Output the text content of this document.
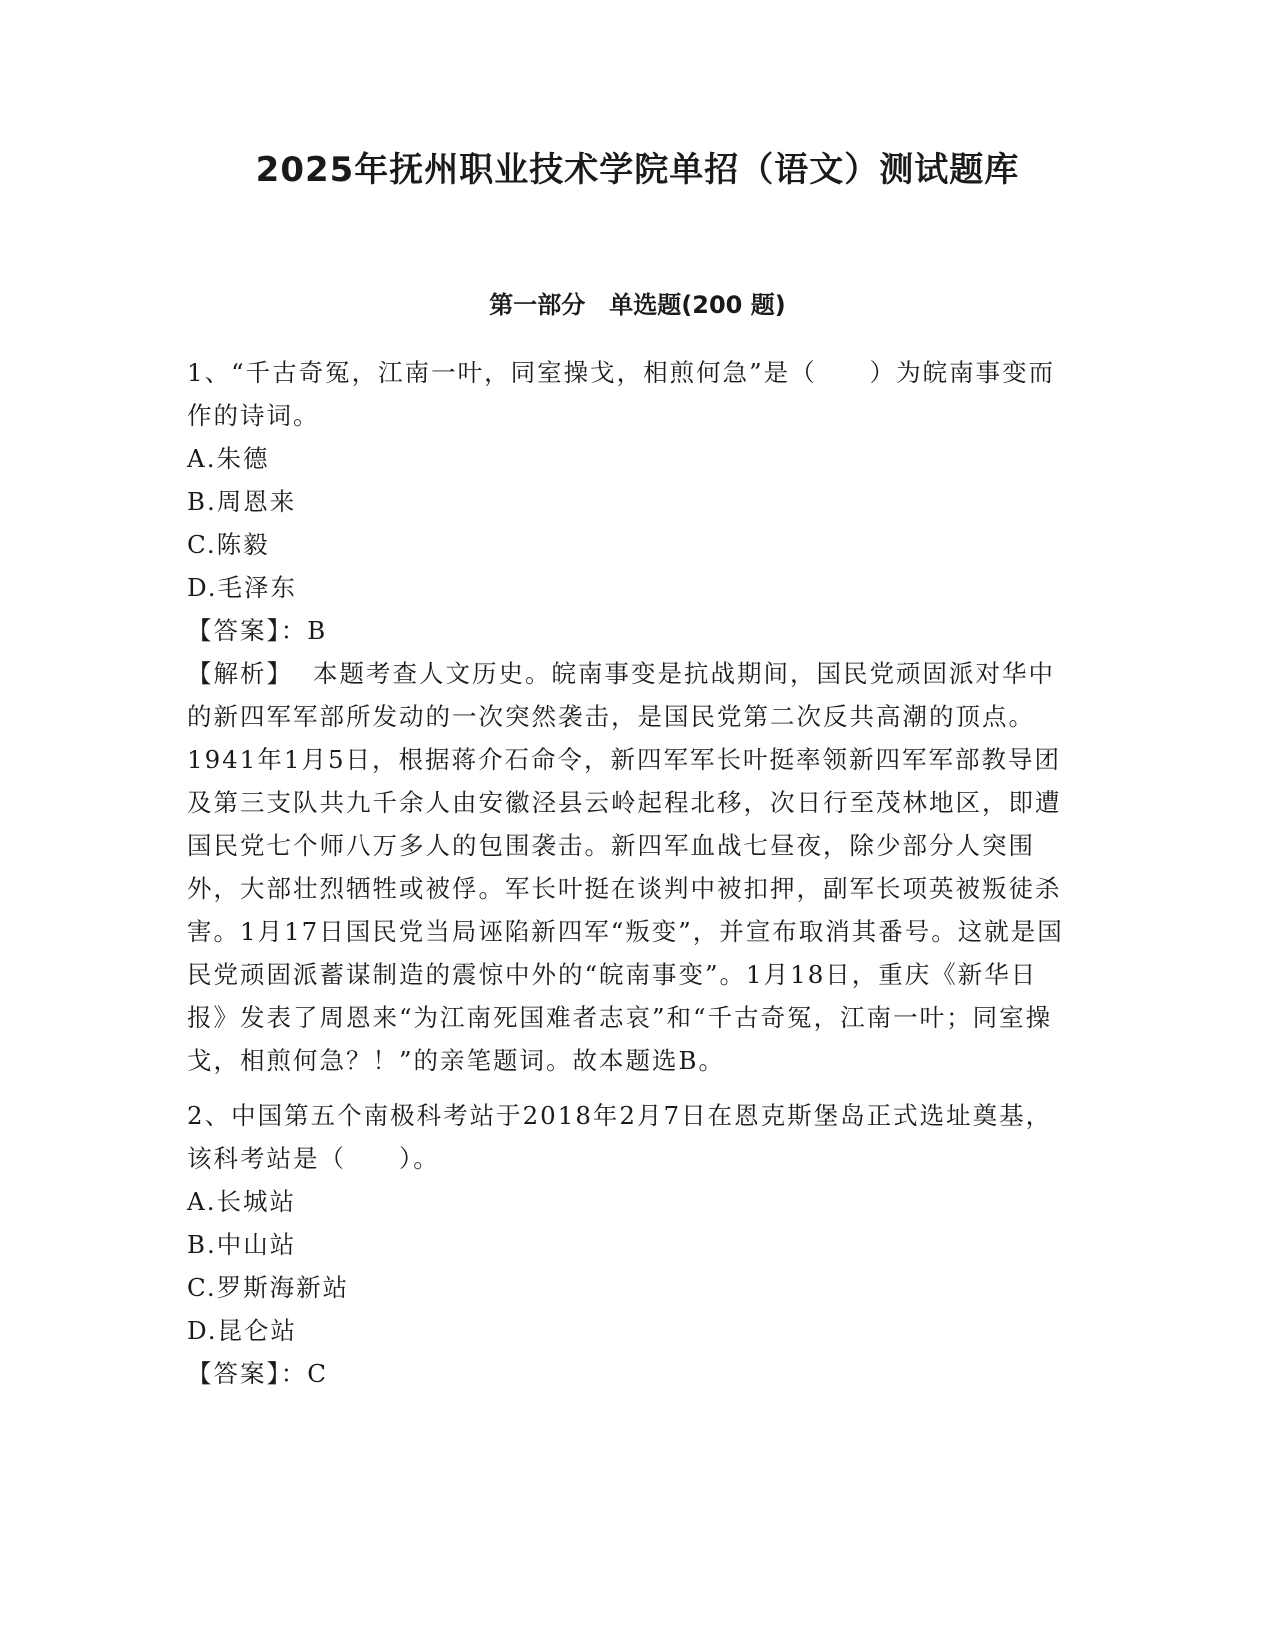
2025年抚州职业技术学院单招（语文）测试题库
第一部分　单选题(200 题)

1、“千古奇冤，江南一叶，同室操戈，相煎何急”是（　　）为皖南事变而作的诗词。

A.朱德

B.周恩来

C.陈毅

D.毛泽东

【答案】：B

【解析】 本题考查人文历史。皖南事变是抗战期间，国民党顽固派对华中的新四军军部所发动的一次突然袭击，是国民党第二次反共高潮的顶点。1941年1月5日，根据蒋介石命令，新四军军长叶挺率领新四军军部教导团及第三支队共九千余人由安徽泾县云岭起程北移，次日行至茂林地区，即遭国民党七个师八万多人的包围袭击。新四军血战七昼夜，除少部分人突围外，大部壮烈牺牲或被俘。军长叶挺在谈判中被扣押，副军长项英被叛徒杀害。1月17日国民党当局诬陷新四军“叛变”，并宣布取消其番号。这就是国民党顽固派蓄谋制造的震惊中外的“皖南事变”。1月18日，重庆《新华日报》发表了周恩来“为江南死国难者志哀”和“千古奇冤，江南一叶；同室操戈，相煎何急？！”的亲笔题词。故本题选B。

2、中国第五个南极科考站于2018年2月7日在恩克斯堡岛正式选址奠基，该科考站是（　　）。

A.长城站

B.中山站

C.罗斯海新站

D.昆仑站

【答案】：C
